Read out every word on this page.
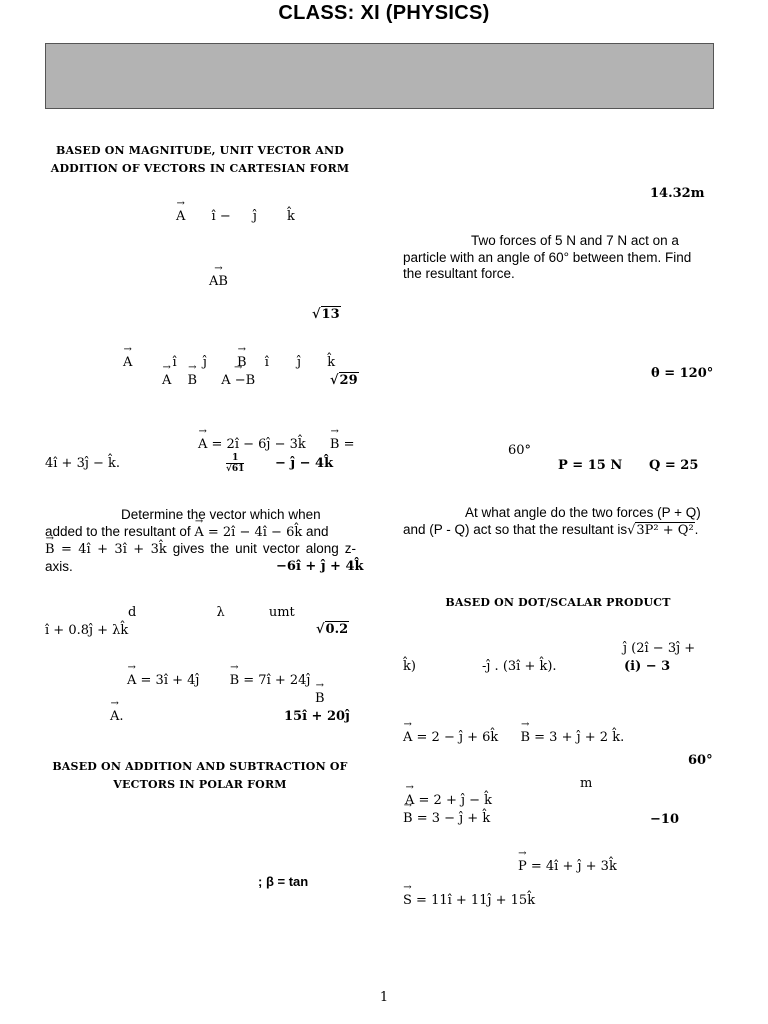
CLASS: XI (PHYSICS)
BASED ON MAGNITUDE, UNIT VECTOR AND
ADDITION OF VECTORS IN CARTESIAN FORM
→ A î − ĵ k̂
→ AB
√13
→ A	î ĵ → B î ĵ k̂
→ A → B → A −B	√29
→ A = 2î − 6ĵ − 3k̂ → B =
4î + 3ĵ − k̂.	$\frac{1}{√61}$ − ĵ − 4k̂
Determine the vector which when
added to the resultant of → A = 2î − 4î − 6k̂ and
→ B = 4î + 3î + 3k̂ gives the unit vector along z-axis.	−6î + ĵ + 4k̂
d	λ	umt
î + 0.8ĵ + λk̂	√0.2
→ A = 3î + 4ĵ → B = 7î + 24ĵ
→ B
→ A.	15î + 20ĵ
BASED ON ADDITION AND SUBTRACTION OF
VECTORS IN POLAR FORM
; β = tan
14.32m
Two forces of 5 N and 7 N act on a
particle with an angle of 60° between them. Find
the resultant force.
θ = 120°
60°
P = 15 N Q = 25
At what angle do the two forces (P + Q)
and (P - Q) act so that the resultant is√3P² + Q².
BASED ON DOT/SCALAR PRODUCT
ĵ (2î − 3ĵ +
k̂)	-ĵ . (3î + k̂).	(i) − 3
→ A = 2 − ĵ + 6k̂ → B = 3 + ĵ + 2 k̂.
60°
m
→ A = 2 + ĵ − k̂
→ B = 3 − ĵ + k̂	−10
→ P = 4î + ĵ + 3k̂
→ S = 11î + 11ĵ + 15k̂
1
